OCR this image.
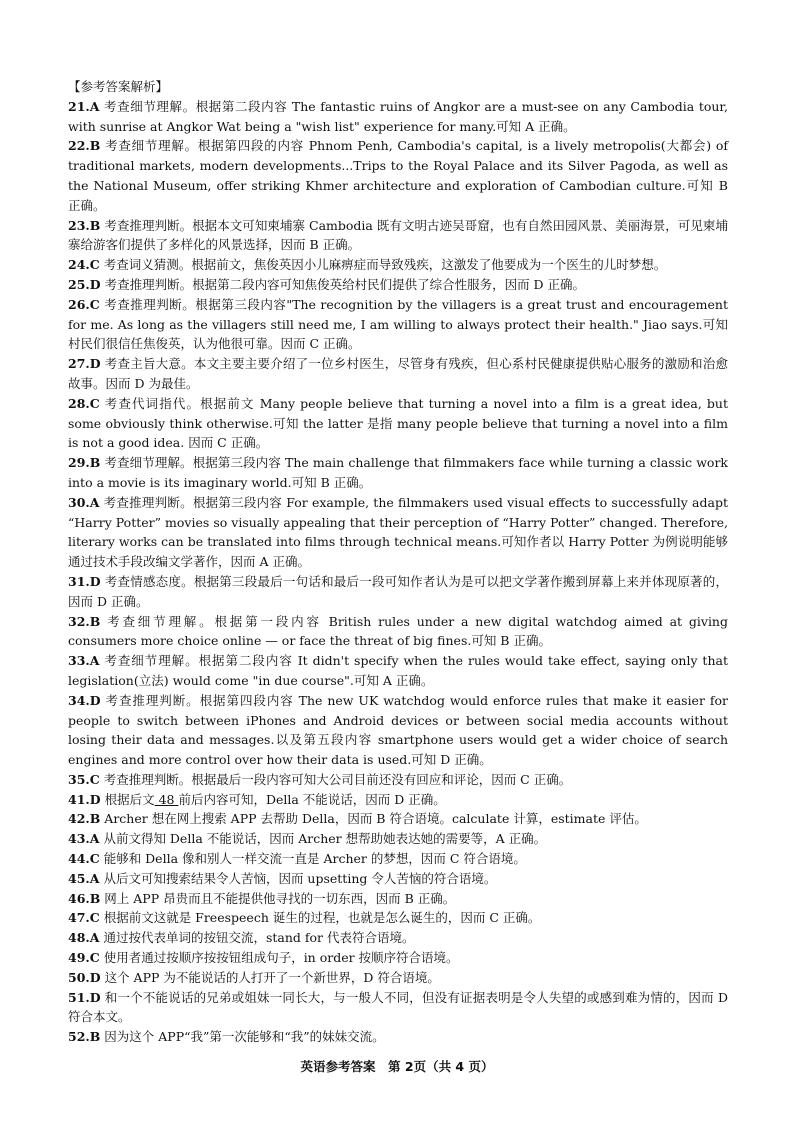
【参考答案解析】

21.A 考查细节理解。根据第二段内容 The fantastic ruins of Angkor are a must-see on any Cambodia tour, with sunrise at Angkor Wat being a "wish list" experience for many.可知 A 正确。

22.B 考查细节理解。根据第四段的内容 Phnom Penh, Cambodia's capital, is a lively metropolis(大都会) of traditional markets, modern developments...Trips to the Royal Palace and its Silver Pagoda, as well as the National Museum, offer striking Khmer architecture and exploration of Cambodian culture.可知 B 正确。

23.B 考查推理判断。根据本文可知柬埔寨 Cambodia 既有文明古迹吴哥窟，也有自然田园风景、美丽海景，可见柬埔寨给游客们提供了多样化的风景选择，因而 B 正确。

24.C 考查词义猜测。根据前文，焦俊英因小儿麻痹症而导致残疾，这激发了他要成为一个医生的儿时梦想。

25.D 考查推理判断。根据第二段内容可知焦俊英给村民们提供了综合性服务，因而 D 正确。

26.C 考查推理判断。根据第三段内容"The recognition by the villagers is a great trust and encouragement for me. As long as the villagers still need me, I am willing to always protect their health." Jiao says.可知村民们很信任焦俊英，认为他很可靠。因而 C 正确。

27.D 考查主旨大意。本文主要主要介绍了一位乡村医生，尽管身有残疾，但心系村民健康提供贴心服务的激励和治愈故事。因而 D 为最佳。

28.C 考查代词指代。根据前文 Many people believe that turning a novel into a film is a great idea, but some obviously think otherwise.可知 the latter 是指 many people believe that turning a novel into a film is not a good idea. 因而 C 正确。

29.B 考查细节理解。根据第三段内容 The main challenge that filmmakers face while turning a classic work into a movie is its imaginary world.可知 B 正确。

30.A 考查推理判断。根据第三段内容 For example, the filmmakers used visual effects to successfully adapt “Harry Potter” movies so visually appealing that their perception of “Harry Potter” changed. Therefore, literary works can be translated into films through technical means.可知作者以 Harry Potter 为例说明能够通过技术手段改编文学著作，因而 A 正确。

31.D 考查情感态度。根据第三段最后一句话和最后一段可知作者认为是可以把文学著作搬到屏幕上来并体现原著的，因而 D 正确。

32.B 考查细节理解。根据第一段内容 British rules under a new digital watchdog aimed at giving consumers more choice online — or face the threat of big fines.可知 B 正确。

33.A 考查细节理解。根据第二段内容 It didn't specify when the rules would take effect, saying only that legislation(立法) would come "in due course".可知 A 正确。

34.D 考查推理判断。根据第四段内容 The new UK watchdog would enforce rules that make it easier for people to switch between iPhones and Android devices or between social media accounts without losing their data and messages.以及第五段内容 smartphone users would get a wider choice of search engines and more control over how their data is used.可知 D 正确。

35.C 考查推理判断。根据最后一段内容可知大公司目前还没有回应和评论，因而 C 正确。

41.D 根据后文 48 前后内容可知，Della 不能说话，因而 D 正确。

42.B Archer 想在网上搜索 APP 去帮助 Della，因而 B 符合语境。calculate 计算，estimate 评估。

43.A 从前文得知 Della 不能说话，因而 Archer 想帮助她表达她的需要等，A 正确。

44.C 能够和 Della 像和别人一样交流一直是 Archer 的梦想，因而 C 符合语境。

45.A 从后文可知搜索结果令人苦恼，因而 upsetting 令人苦恼的符合语境。

46.B 网上 APP 昂贵而且不能提供他寻找的一切东西，因而 B 正确。

47.C 根据前文这就是 Freespeech 诞生的过程，也就是怎么诞生的，因而 C 正确。

48.A 通过按代表单词的按钮交流，stand for 代表符合语境。

49.C 使用者通过按顺序按按钮组成句子，in order 按顺序符合语境。

50.D 这个 APP 为不能说话的人打开了一个新世界，D 符合语境。

51.D 和一个不能说话的兄弟或姐妹一同长大，与一般人不同，但没有证据表明是令人失望的或感到难为情的，因而 D 符合本文。

52.B 因为这个 APP“我”第一次能够和“我”的妹妹交流。

英语参考答案　第 2页（共 4 页）
